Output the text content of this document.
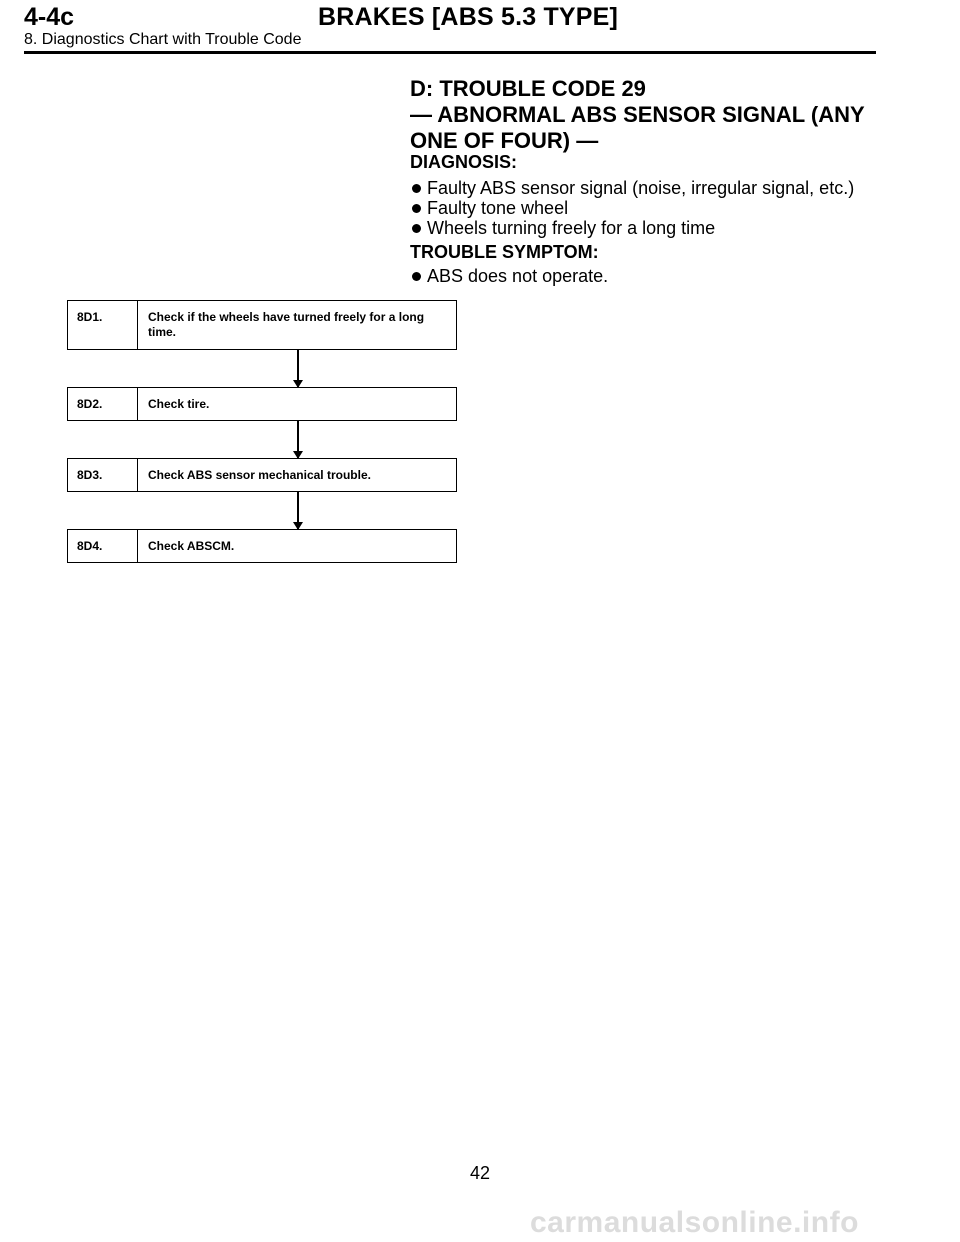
4-4c	BRAKES [ABS 5.3 TYPE]
8. Diagnostics Chart with Trouble Code
D: TROUBLE CODE 29
— ABNORMAL ABS SENSOR SIGNAL (ANY
ONE OF FOUR) —
DIAGNOSIS:
Faulty ABS sensor signal (noise, irregular signal, etc.)
Faulty tone wheel
Wheels turning freely for a long time
TROUBLE SYMPTOM:
ABS does not operate.
8D1.	Check if the wheels have turned freely for a long time.
8D2.	Check tire.
8D3.	Check ABS sensor mechanical trouble.
8D4.	Check ABSCM.
42
carmanualsonline.info
